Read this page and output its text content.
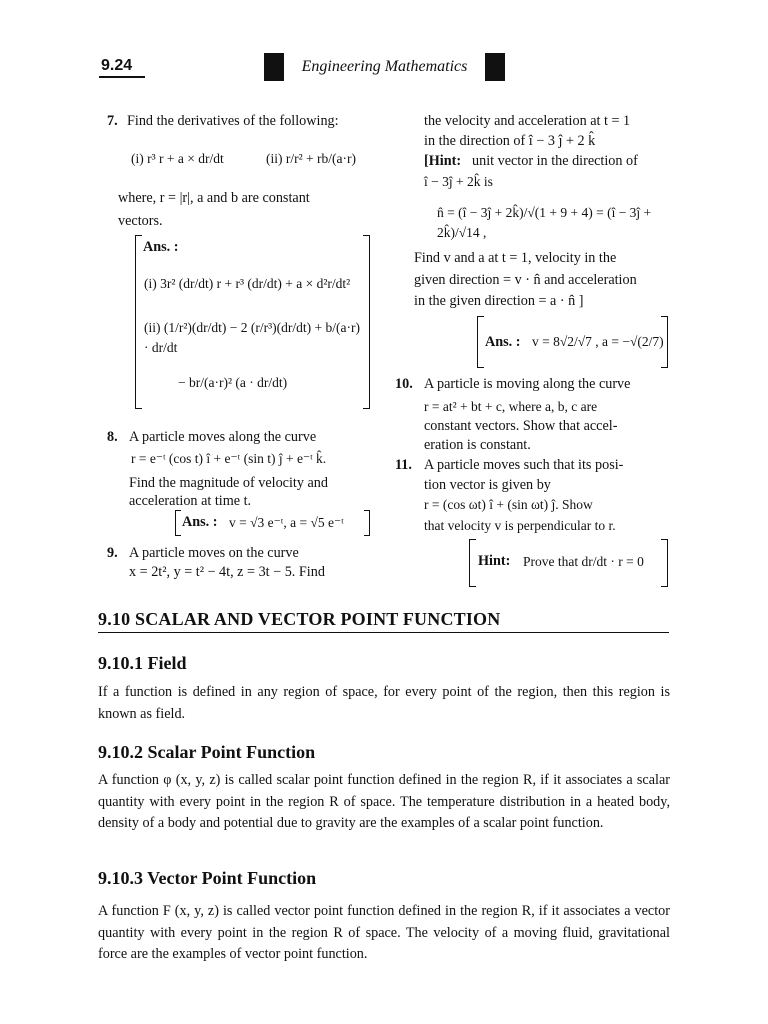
9.24	Engineering Mathematics
7. Find the derivatives of the following:
(i) r³ r + a × dr/dt	(ii) r/r² + rb/(a·r)
where, r = |r|, a and b are constant
vectors.
Ans. :
(i) 3r² (dr/dt) r + r³ (dr/dt) + a × d²r/dt²
(ii) (1/r²)(dr/dt) − 2 (r/r³)(dr/dt) + b/(a·r) · dr/dt
− br/(a·r)² (a · dr/dt)
8. A particle moves along the curve
r = e⁻ᵗ (cos t) î + e⁻ᵗ (sin t) ĵ + e⁻ᵗ k̂.
Find the magnitude of velocity and
acceleration at time t.
Ans. : v = √3 e⁻ᵗ, a = √5 e⁻ᵗ
9. A particle moves on the curve
x = 2t², y = t² − 4t, z = 3t − 5. Find
the velocity and acceleration at t = 1
in the direction of î − 3 ĵ + 2 k̂
[Hint: unit vector in the direction of
î − 3ĵ + 2k̂ is
n̂ = (î − 3ĵ + 2k̂)/√(1 + 9 + 4) = (î − 3ĵ + 2k̂)/√14 ,
Find v and a at t = 1, velocity in the
given direction = v · n̂ and acceleration
in the given direction = a · n̂ ]
Ans. : v = 8√2/√7 , a = −√(2/7)
10. A particle is moving along the curve
r = at² + bt + c, where a, b, c are
constant vectors. Show that accel-
eration is constant.
11. A particle moves such that its posi-
tion vector is given by
r = (cos ωt) î + (sin ωt) ĵ. Show
that velocity v is perpendicular to r.
Hint: Prove that dr/dt · r = 0
9.10 SCALAR AND VECTOR POINT FUNCTION
9.10.1 Field
If a function is defined in any region of space, for every point of the region, then this region is known as field.
9.10.2 Scalar Point Function
A function φ (x, y, z) is called scalar point function defined in the region R, if it associates a scalar quantity with every point in the region R of space. The temperature distribution in a heated body, density of a body and potential due to gravity are the examples of a scalar point function.
9.10.3 Vector Point Function
A function F (x, y, z) is called vector point function defined in the region R, if it associates a vector quantity with every point in the region R of space. The velocity of a moving fluid, gravitational force are the examples of vector point function.
